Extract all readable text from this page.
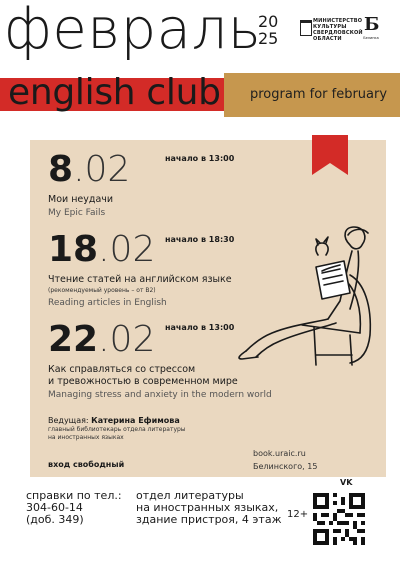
февраль
20
25
МИНИСТЕРСТВО КУЛЬТУРЫ СВЕРДЛОВСКОЙ ОБЛАСТИ
Б
Белинка
english club program for february
8.02	начало в 13:00
Мои неудачи
My Epic Fails
18.02 начало в 18:30
Чтение статей на английском языке
(рекомендуемый уровень – от B2)
Reading articles in English
22.02 начало в 13:00
Как справляться со стрессом
и тревожностью в современном мире
Managing stress and anxiety in the modern world
Ведущая: Катерина Ефимова
главный библиотекарь отдела литературы
на иностранных языках
вход свободный
book.uraic.ru
Белинского, 15
VK
справки по тел.:
304-60-14
(доб. 349)
отдел литературы
на иностранных языках,
здание пристроя, 4 этаж 12+
